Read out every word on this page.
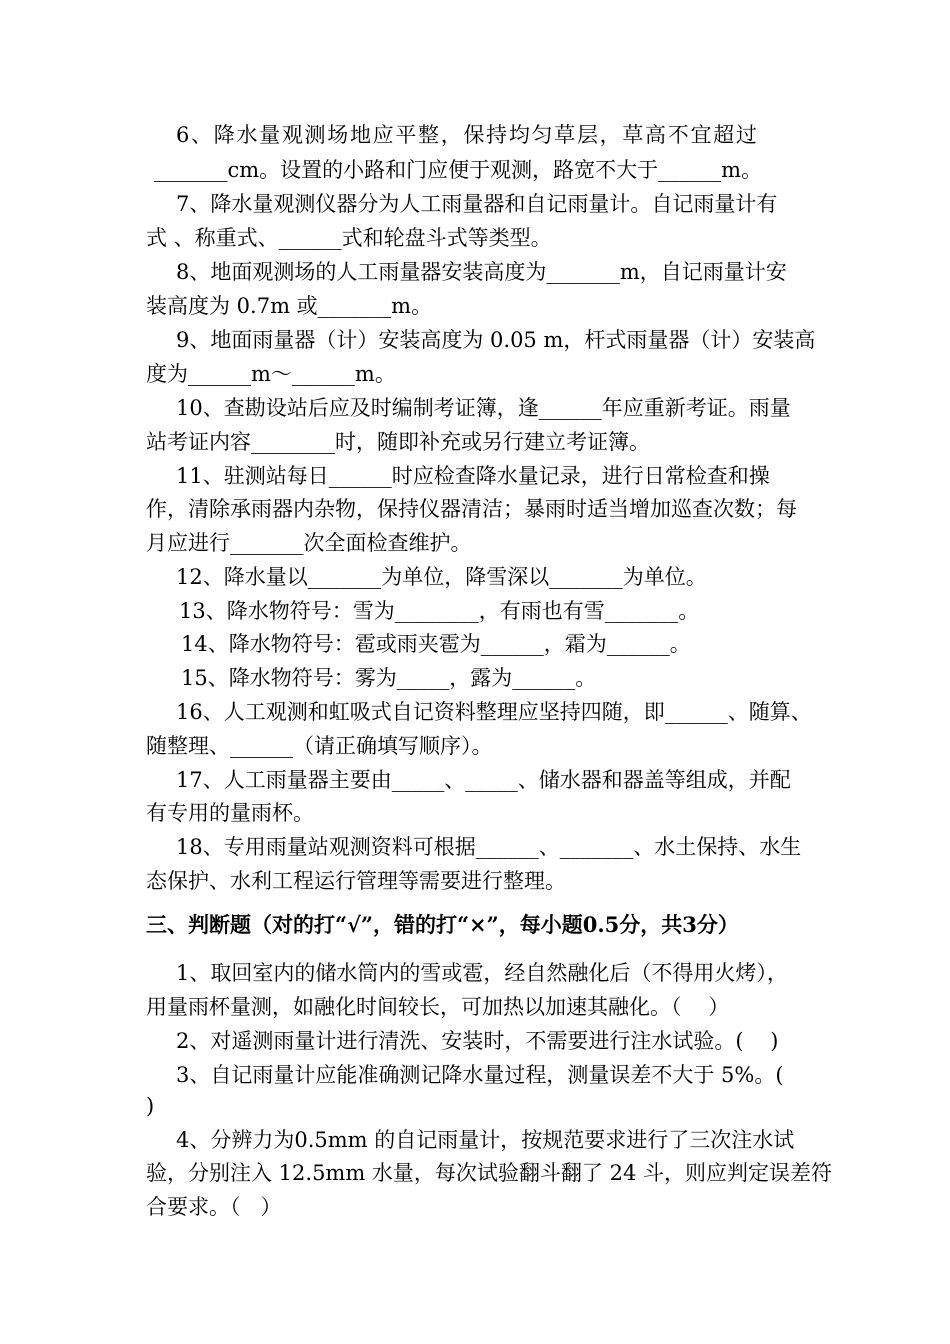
6、降水量观测场地应平整，保持均匀草层，草高不宜超过
_______cm。设置的小路和门应便于观测，路宽不大于______m。
7、降水量观测仪器分为人工雨量器和自记雨量计。自记雨量计有
式 、称重式、______式和轮盘斗式等类型。
8、地面观测场的人工雨量器安装高度为_______m，自记雨量计安
装高度为 0.7m 或_______m。
9、地面雨量器（计）安装高度为 0.05 m，杆式雨量器（计）安装高
度为______m～______m。
10、查勘设站后应及时编制考证簿，逢______年应重新考证。雨量
站考证内容________时，随即补充或另行建立考证簿。
11、驻测站每日______时应检查降水量记录，进行日常检查和操
作，清除承雨器内杂物，保持仪器清洁；暴雨时适当增加巡查次数；每
月应进行_______次全面检查维护。
12、降水量以_______为单位，降雪深以_______为单位。
13、降水物符号：雪为________，有雨也有雪_______。
14、降水物符号：雹或雨夹雹为______，霜为______。
15、降水物符号：雾为_____，露为______。
16、人工观测和虹吸式自记资料整理应坚持四随，即______、随算、
随整理、______（请正确填写顺序）。
17、人工雨量器主要由_____、_____、储水器和器盖等组成，并配
有专用的量雨杯。
18、专用雨量站观测资料可根据______、_______、水土保持、水生
态保护、水利工程运行管理等需要进行整理。
三、判断题（对的打“√”，错的打“×”，每小题0.5分，共3分）
1、取回室内的储水筒内的雪或雹，经自然融化后（不得用火烤），
用量雨杯量测，如融化时间较长，可加热以加速其融化。（    ）
2、对遥测雨量计进行清洗、安装时，不需要进行注水试验。(    )
3、自记雨量计应能准确测记降水量过程，测量误差不大于 5%。(
)
4、分辨力为0.5mm 的自记雨量计，按规范要求进行了三次注水试
验，分别注入 12.5mm 水量，每次试验翻斗翻了 24 斗，则应判定误差符
合要求。（   ）
